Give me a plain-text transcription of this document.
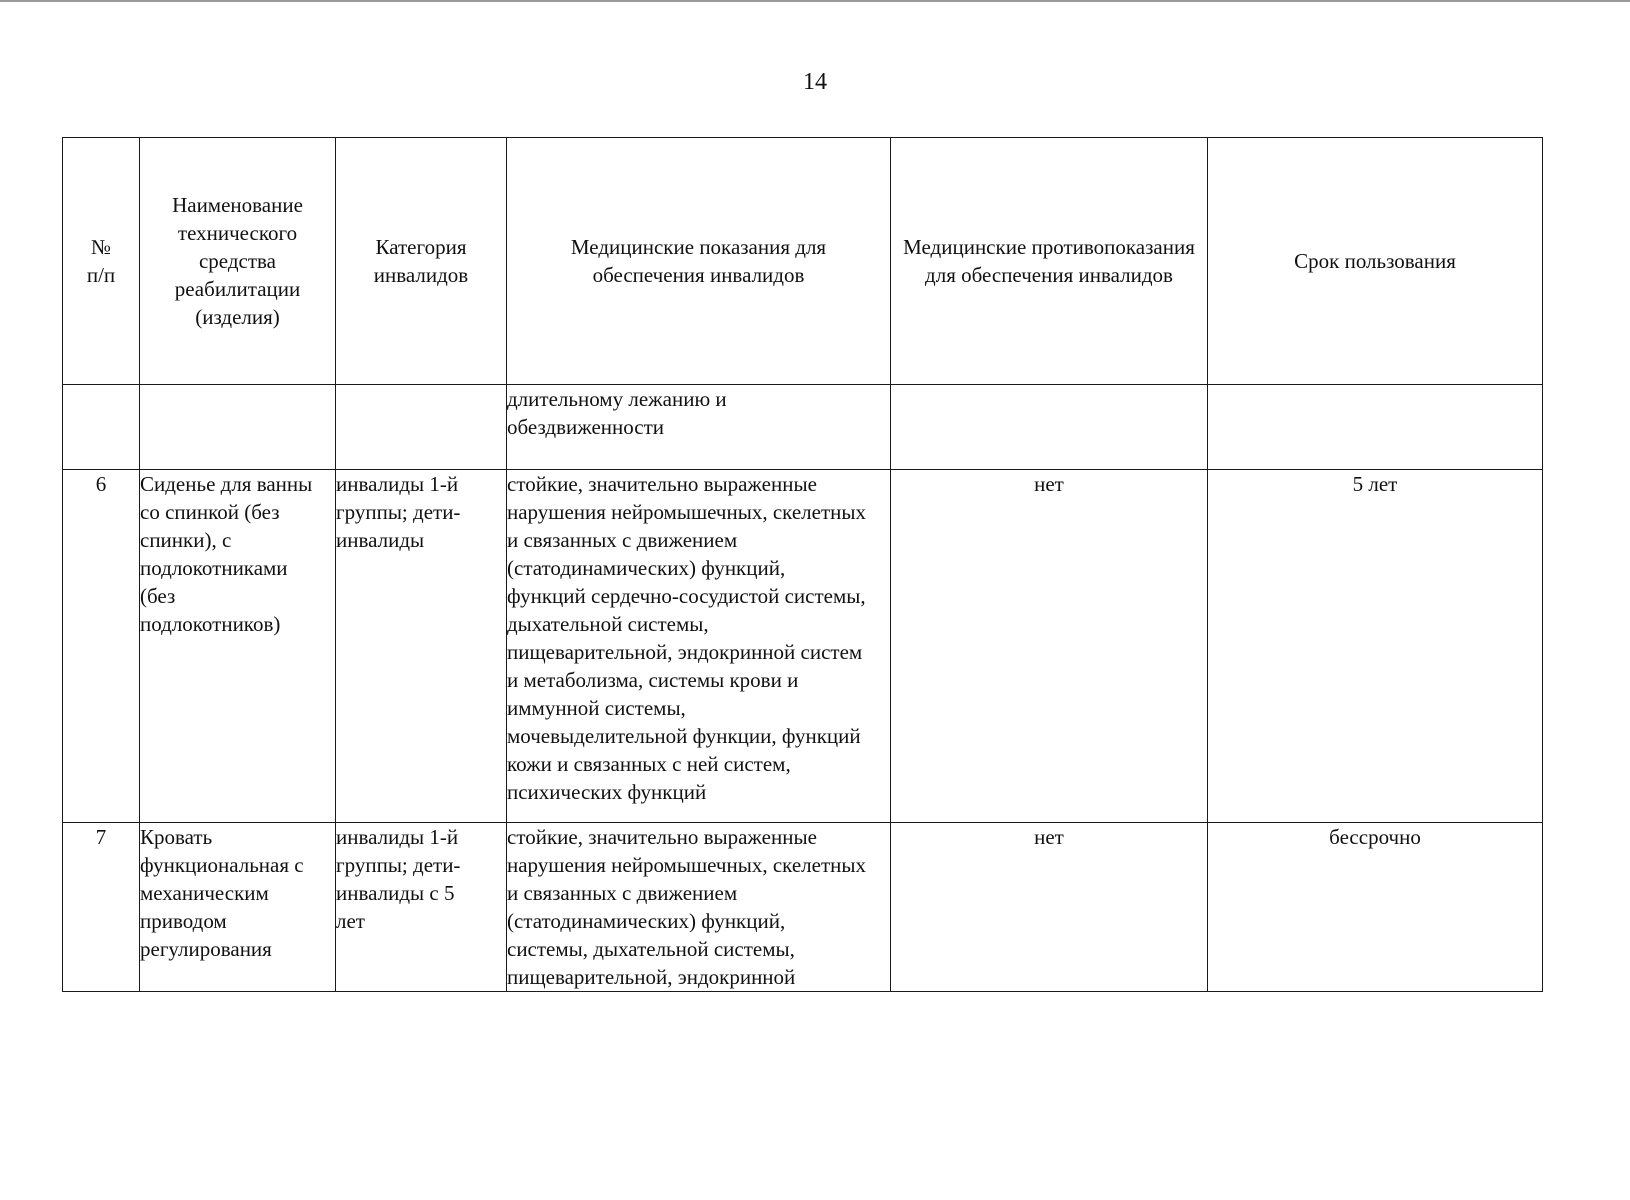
14
№ п/п	Наименование технического средства реабилитации (изделия)	Категория инвалидов	Медицинские показания для обеспечения инвалидов	Медицинские противопоказания для обеспечения инвалидов	Срок пользования

			длительному лежанию и обездвиженности		

6	Сиденье для ванны со спинкой (без спинки), с подлокотниками (без подлокотников)	инвалиды 1-й группы; дети-инвалиды	стойкие, значительно выраженные нарушения нейромышечных, скелетных и связанных с движением (статодинамических) функций, функций сердечно-сосудистой системы, дыхательной системы, пищеварительной, эндокринной систем и метаболизма, системы крови и иммунной системы, мочевыделительной функции, функций кожи и связанных с ней систем, психических функций	нет	5 лет
7	Кровать функциональная с механическим приводом регулирования	инвалиды 1-й группы; дети-инвалиды с 5 лет	стойкие, значительно выраженные нарушения нейромышечных, скелетных и связанных с движением (статодинамических) функций, системы, дыхательной системы, пищеварительной, эндокринной	нет	бессрочно
